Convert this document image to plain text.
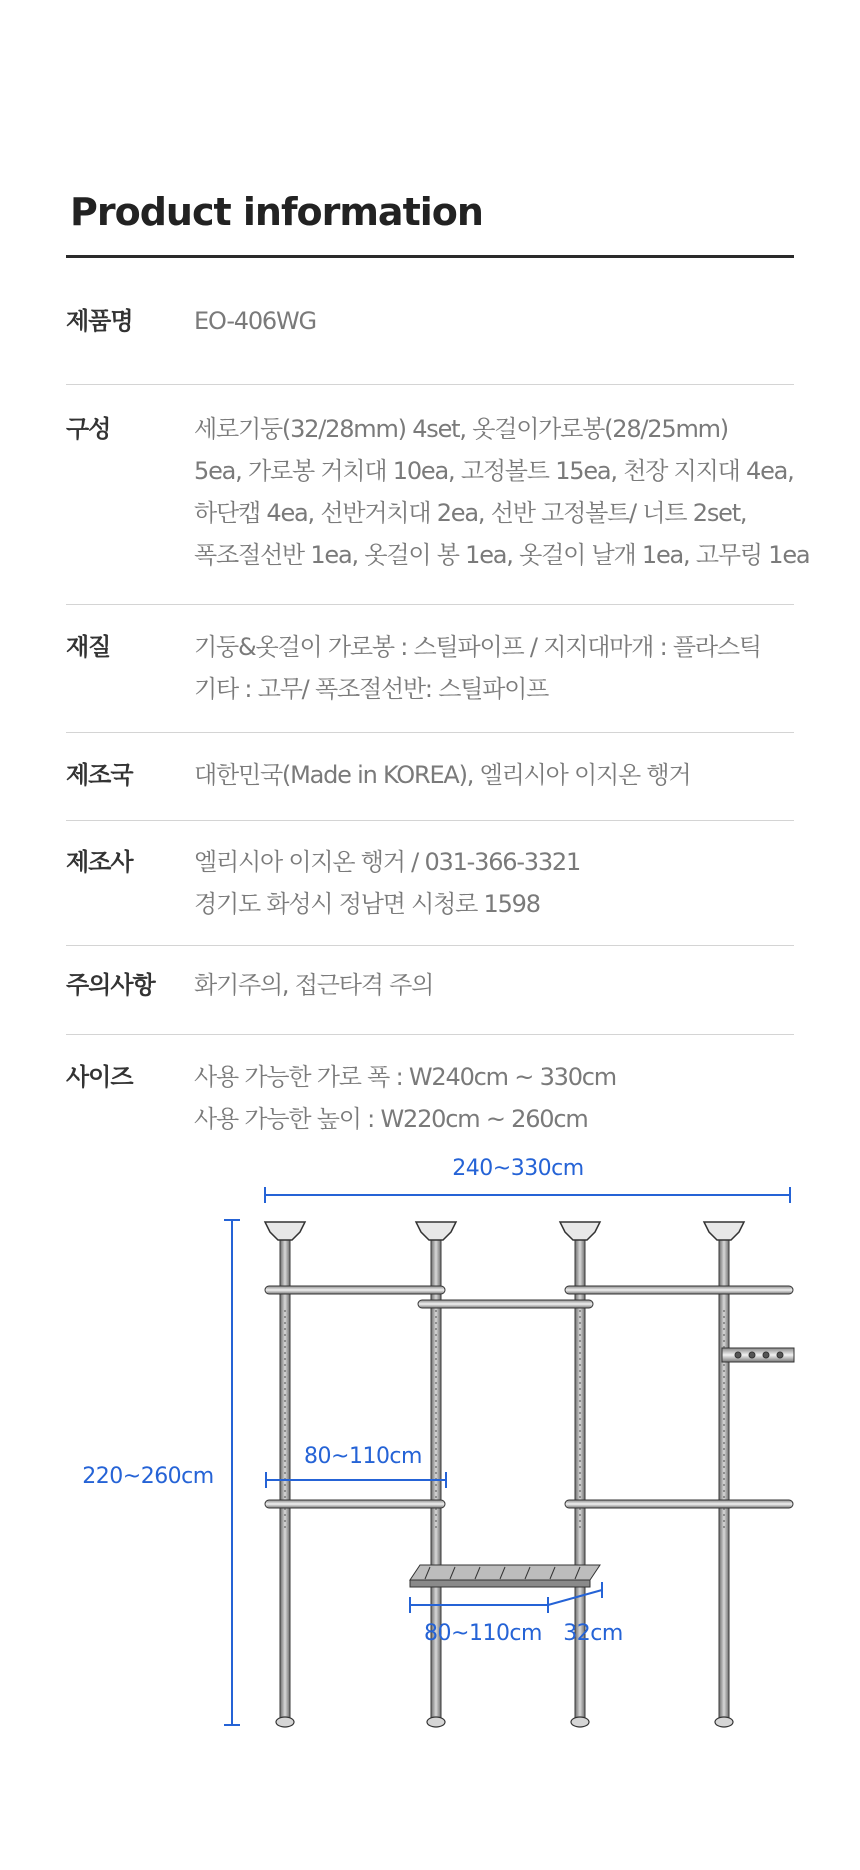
Product information
제품명	EO-406WG
구성	세로기둥(32/28mm) 4set, 옷걸이가로봉(28/25mm)
5ea, 가로봉 거치대 10ea, 고정볼트 15ea, 천장 지지대 4ea,
하단캡 4ea, 선반거치대 2ea, 선반 고정볼트/ 너트 2set,
폭조절선반 1ea, 옷걸이 봉 1ea, 옷걸이 날개 1ea, 고무링 1ea
재질	기둥&옷걸이 가로봉 : 스틸파이프 / 지지대마개 : 플라스틱
기타 : 고무/ 폭조절선반: 스틸파이프
제조국	대한민국(Made in KOREA), 엘리시아 이지온 행거
제조사	엘리시아 이지온 행거 / 031-366-3321
경기도 화성시 정남면 시청로 1598
주의사항	화기주의, 접근타격 주의
사이즈	사용 가능한 가로 폭 : W240cm ~ 330cm
사용 가능한 높이 : W220cm ~ 260cm
240~330cm
220~260cm
80~110cm
80~110cm 32cm
